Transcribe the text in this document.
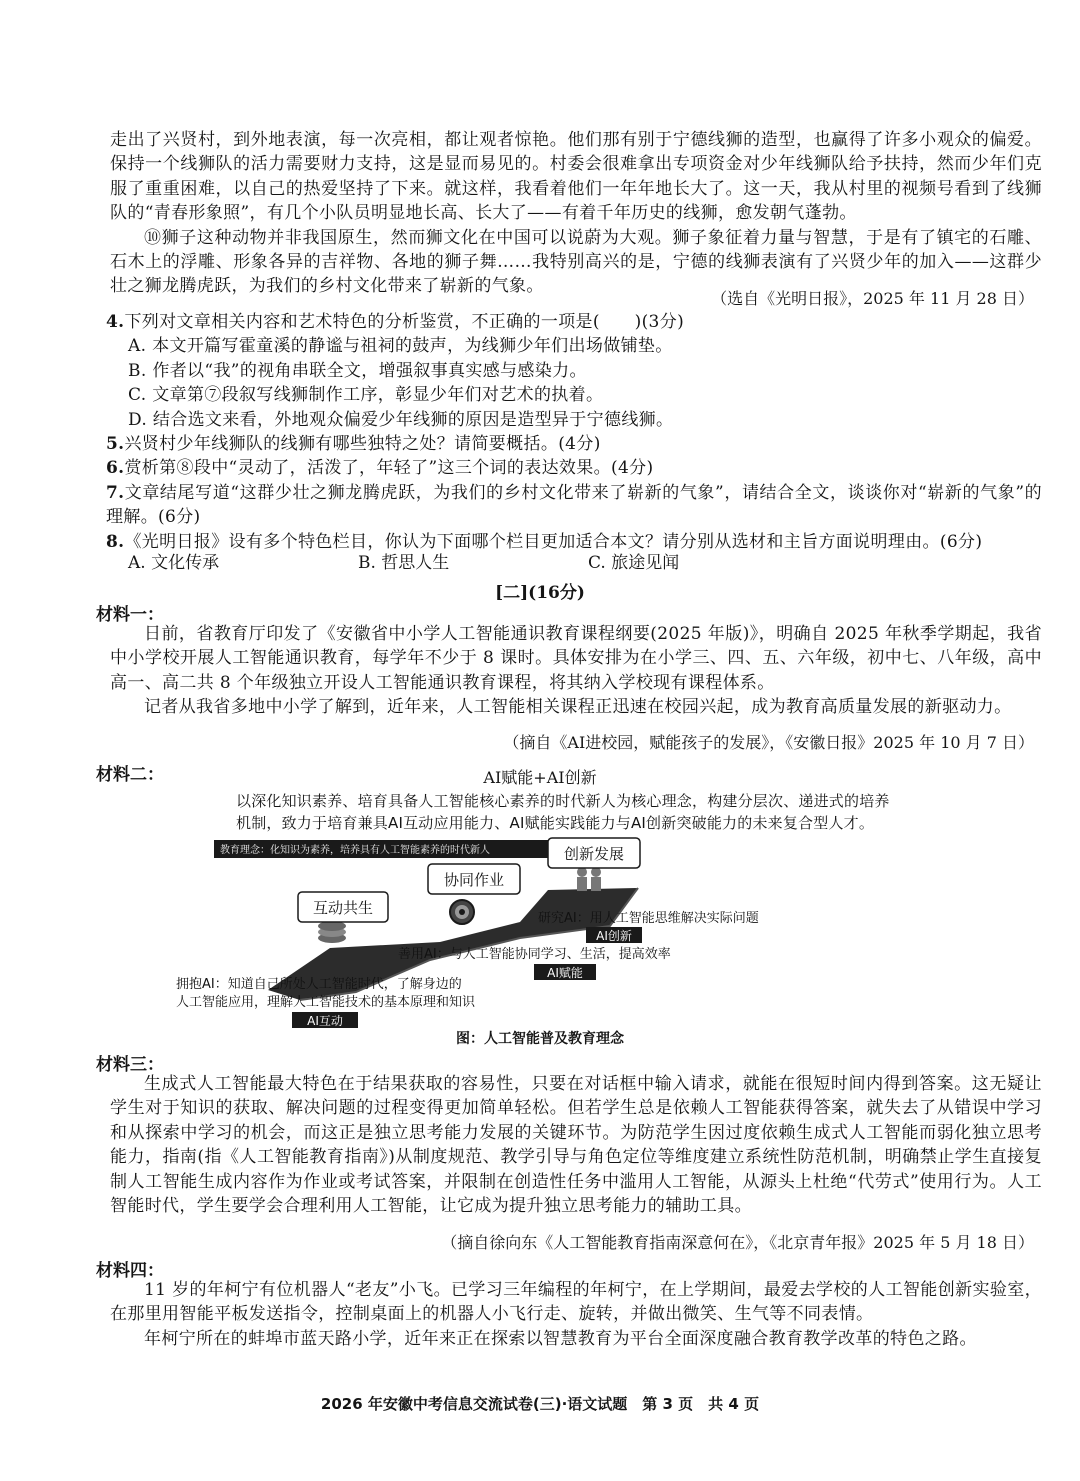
走出了兴贤村，到外地表演，每一次亮相，都让观者惊艳。他们那有别于宁德线狮的造型，也赢得了许多小观众的偏爱。保持一个线狮队的活力需要财力支持，这是显而易见的。村委会很难拿出专项资金对少年线狮队给予扶持，然而少年们克服了重重困难，以自己的热爱坚持了下来。就这样，我看着他们一年年地长大了。这一天，我从村里的视频号看到了线狮队的“青春形象照”，有几个小队员明显地长高、长大了——有着千年历史的线狮，愈发朝气蓬勃。

⑩狮子这种动物并非我国原生，然而狮文化在中国可以说蔚为大观。狮子象征着力量与智慧，于是有了镇宅的石雕、石木上的浮雕、形象各异的吉祥物、各地的狮子舞……我特别高兴的是，宁德的线狮表演有了兴贤少年的加入——这群少壮之狮龙腾虎跃，为我们的乡村文化带来了崭新的气象。

（选自《光明日报》，2025 年 11 月 28 日）

4.下列对文章相关内容和艺术特色的分析鉴赏，不正确的一项是(　　)(3分)

A. 本文开篇写霍童溪的静谧与祖祠的鼓声，为线狮少年们出场做铺垫。

B. 作者以“我”的视角串联全文，增强叙事真实感与感染力。

C. 文章第⑦段叙写线狮制作工序，彰显少年们对艺术的执着。

D. 结合选文来看，外地观众偏爱少年线狮的原因是造型异于宁德线狮。

5.兴贤村少年线狮队的线狮有哪些独特之处？请简要概括。(4分)

6.赏析第⑧段中“灵动了，活泼了，年轻了”这三个词的表达效果。(4分)

7.文章结尾写道“这群少壮之狮龙腾虎跃，为我们的乡村文化带来了崭新的气象”，请结合全文，谈谈你对“崭新的气象”的理解。(6分)

8.《光明日报》设有多个特色栏目，你认为下面哪个栏目更加适合本文？请分别从选材和主旨方面说明理由。(6分)

A. 文化传承	B. 哲思人生	C. 旅途见闻
[二](16分)
材料一：

日前，省教育厅印发了《安徽省中小学人工智能通识教育课程纲要(2025 年版)》，明确自 2025 年秋季学期起，我省中小学校开展人工智能通识教育，每学年不少于 8 课时。具体安排为在小学三、四、五、六年级，初中七、八年级，高中高一、高二共 8 个年级独立开设人工智能通识教育课程，将其纳入学校现有课程体系。

记者从我省多地中小学了解到，近年来，人工智能相关课程正迅速在校园兴起，成为教育高质量发展的新驱动力。

（摘自《AI进校园，赋能孩子的发展》，《安徽日报》2025 年 10 月 7 日）
材料二：	AI赋能+AI创新

以深化知识素养、培育具备人工智能核心素养的时代新人为核心理念，构建分层次、递进式的培养

机制，致力于培育兼具AI互动应用能力、AI赋能实践能力与AI创新突破能力的未来复合型人才。

教育理念：化知识为素养，培养具有人工智能素养的时代新人
互动共生
协同作业
创新发展
研究AI：用人工智能思维解决实际问题
AI创新
善用AI：与人工智能协同学习、生活，提高效率
AI赋能
拥抱AI：知道自己所处人工智能时代，了解身边的
人工智能应用，理解人工智能技术的基本原理和知识
AI互动
图：人工智能普及教育理念
材料三：

生成式人工智能最大特色在于结果获取的容易性，只要在对话框中输入请求，就能在很短时间内得到答案。这无疑让学生对于知识的获取、解决问题的过程变得更加简单轻松。但若学生总是依赖人工智能获得答案，就失去了从错误中学习和从探索中学习的机会，而这正是独立思考能力发展的关键环节。为防范学生因过度依赖生成式人工智能而弱化独立思考能力，指南(指《人工智能教育指南》)从制度规范、教学引导与角色定位等维度建立系统性防范机制，明确禁止学生直接复制人工智能生成内容作为作业或考试答案，并限制在创造性任务中滥用人工智能，从源头上杜绝“代劳式”使用行为。人工智能时代，学生要学会合理利用人工智能，让它成为提升独立思考能力的辅助工具。

（摘自徐向东《人工智能教育指南深意何在》，《北京青年报》2025 年 5 月 18 日）
材料四：

11 岁的年柯宁有位机器人“老友”小飞。已学习三年编程的年柯宁，在上学期间，最爱去学校的人工智能创新实验室，在那里用智能平板发送指令，控制桌面上的机器人小飞行走、旋转，并做出微笑、生气等不同表情。

年柯宁所在的蚌埠市蓝天路小学，近年来正在探索以智慧教育为平台全面深度融合教育教学改革的特色之路。

2026 年安徽中考信息交流试卷(三)·语文试题　第 3 页　共 4 页
